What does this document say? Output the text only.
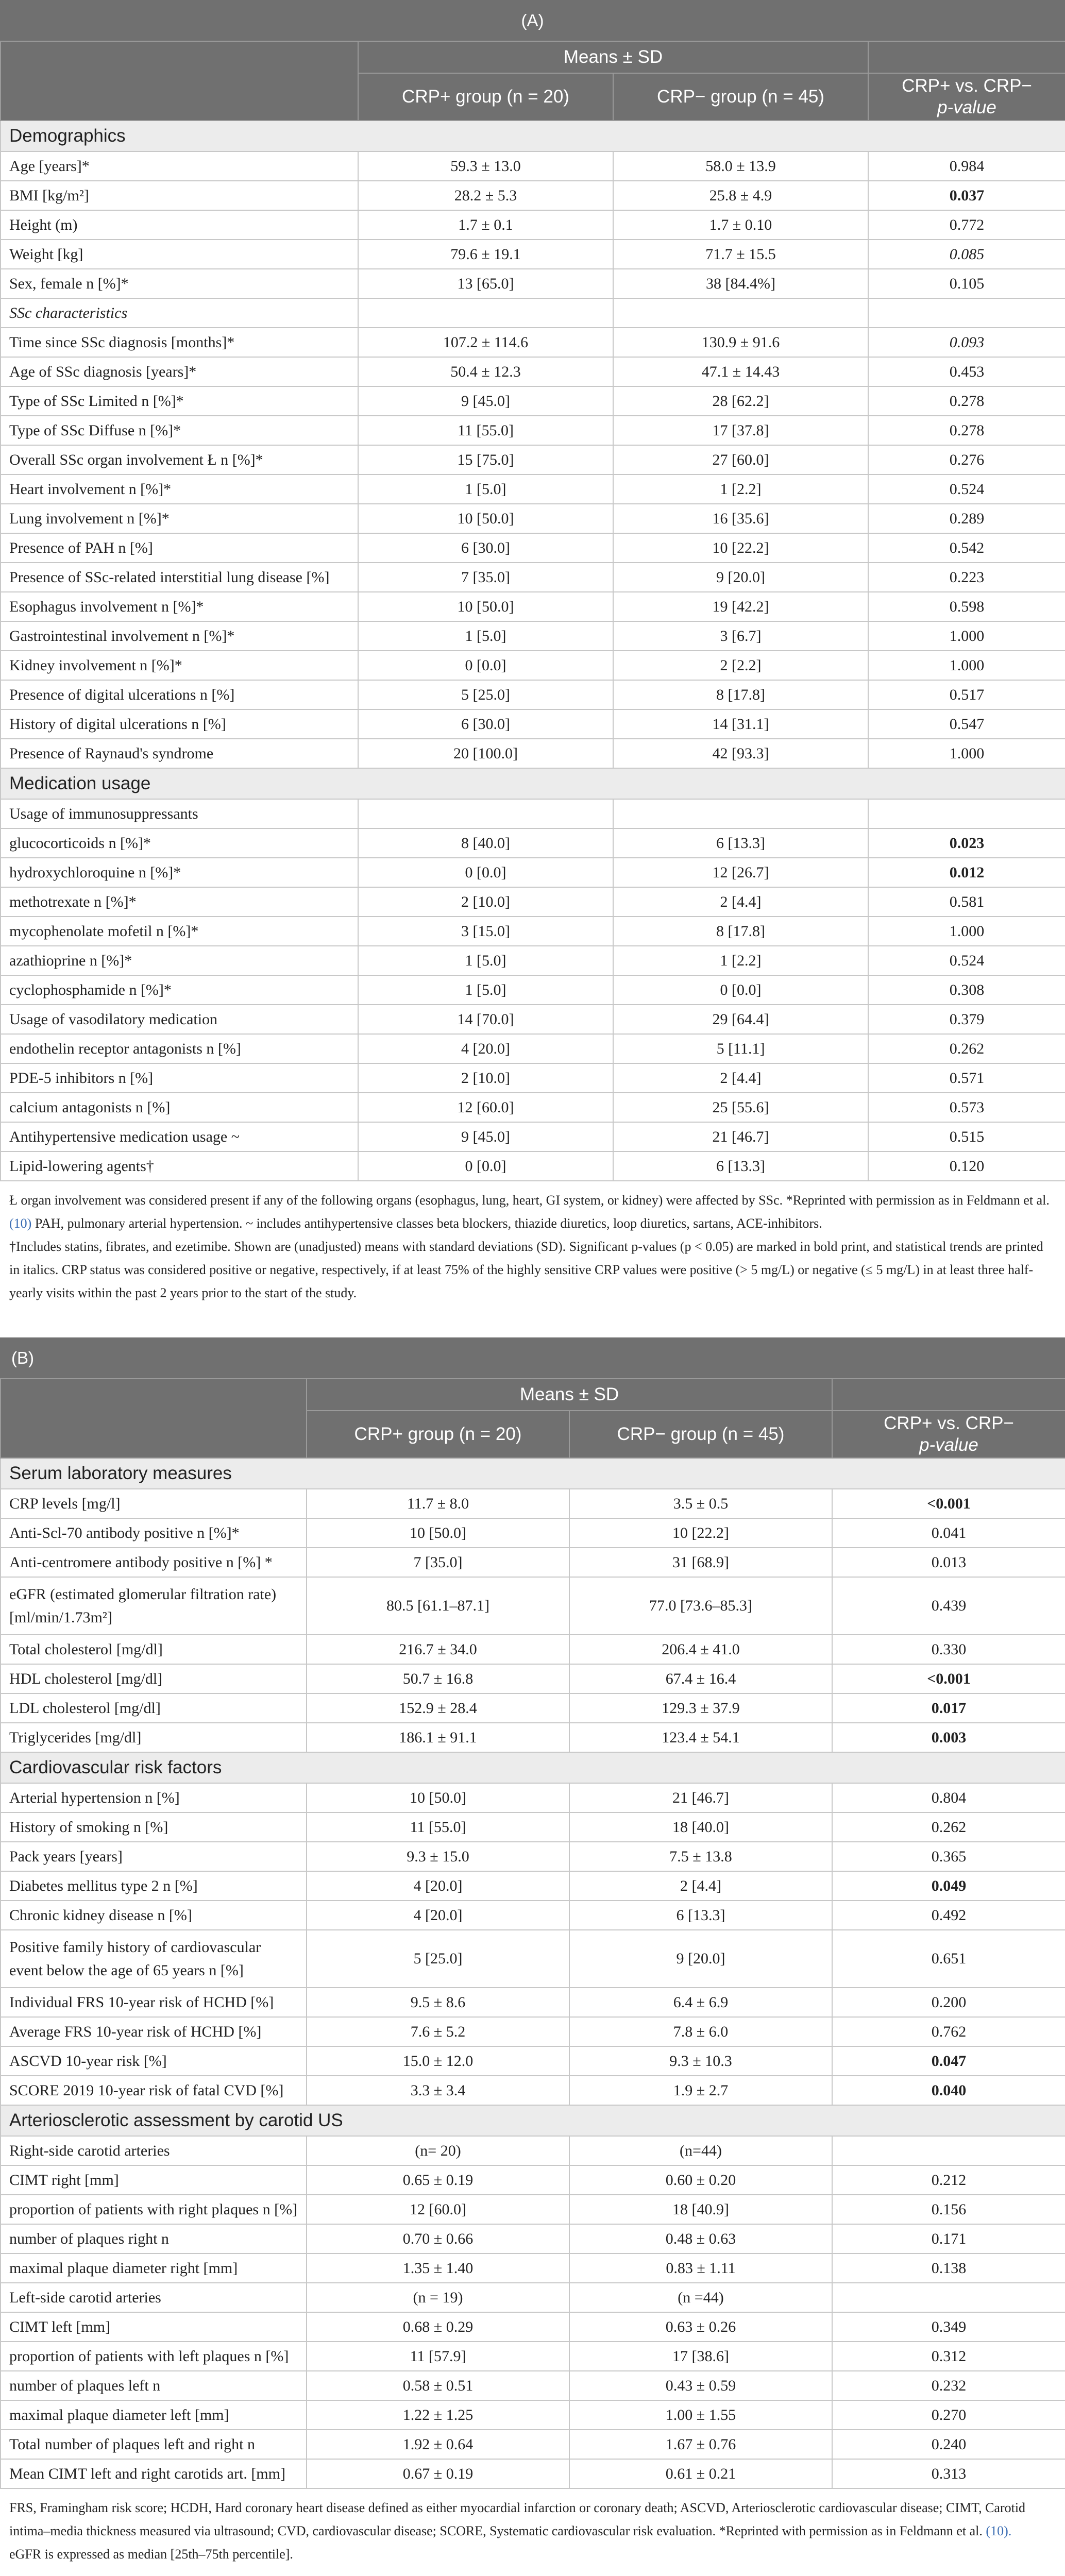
(A)
	Means ± SD		
	CRP+ group (n = 20)	CRP− group (n = 45)	CRP+ vs. CRP−
p-value
Demographics			
Age [years]*	59.3 ± 13.0	58.0 ± 13.9	0.984
BMI [kg/m²]	28.2 ± 5.3	25.8 ± 4.9	0.037
Height (m)	1.7 ± 0.1	1.7 ± 0.10	0.772
Weight [kg]	79.6 ± 19.1	71.7 ± 15.5	0.085
Sex, female n [%]*	13 [65.0]	38 [84.4%]	0.105
SSc characteristics			
Time since SSc diagnosis [months]*	107.2 ± 114.6	130.9 ± 91.6	0.093
Age of SSc diagnosis [years]*	50.4 ± 12.3	47.1 ± 14.43	0.453
Type of SSc Limited n [%]*	9 [45.0]	28 [62.2]	0.278
Type of SSc Diffuse n [%]*	11 [55.0]	17 [37.8]	0.278
Overall SSc organ involvement Ł n [%]*	15 [75.0]	27 [60.0]	0.276
Heart involvement n [%]*	1 [5.0]	1 [2.2]	0.524
Lung involvement n [%]*	10 [50.0]	16 [35.6]	0.289
Presence of PAH n [%]	6 [30.0]	10 [22.2]	0.542
Presence of SSc-related interstitial lung disease [%]	7 [35.0]	9 [20.0]	0.223
Esophagus involvement n [%]*	10 [50.0]	19 [42.2]	0.598
Gastrointestinal involvement n [%]*	1 [5.0]	3 [6.7]	1.000
Kidney involvement n [%]*	0 [0.0]	2 [2.2]	1.000
Presence of digital ulcerations n [%]	5 [25.0]	8 [17.8]	0.517
History of digital ulcerations n [%]	6 [30.0]	14 [31.1]	0.547
Presence of Raynaud's syndrome	20 [100.0]	42 [93.3]	1.000
Medication usage			
Usage of immunosuppressants			
glucocorticoids n [%]*	8 [40.0]	6 [13.3]	0.023
hydroxychloroquine n [%]*	0 [0.0]	12 [26.7]	0.012
methotrexate n [%]*	2 [10.0]	2 [4.4]	0.581
mycophenolate mofetil n [%]*	3 [15.0]	8 [17.8]	1.000
azathioprine n [%]*	1 [5.0]	1 [2.2]	0.524
cyclophosphamide n [%]*	1 [5.0]	0 [0.0]	0.308
Usage of vasodilatory medication	14 [70.0]	29 [64.4]	0.379
endothelin receptor antagonists n [%]	4 [20.0]	5 [11.1]	0.262
PDE-5 inhibitors n [%]	2 [10.0]	2 [4.4]	0.571
calcium antagonists n [%]	12 [60.0]	25 [55.6]	0.573
Antihypertensive medication usage ~	9 [45.0]	21 [46.7]	0.515
Lipid-lowering agents†	0 [0.0]	6 [13.3]	0.120
Ł organ involvement was considered present if any of the following organs (esophagus, lung, heart, GI system, or kidney) were affected by SSc. *Reprinted with permission as in Feldmann et al. (10) PAH, pulmonary arterial hypertension. ~ includes antihypertensive classes beta blockers, thiazide diuretics, loop diuretics, sartans, ACE-inhibitors.
†Includes statins, fibrates, and ezetimibe. Shown are (unadjusted) means with standard deviations (SD). Significant p-values (p < 0.05) are marked in bold print, and statistical trends are printed in italics. CRP status was considered positive or negative, respectively, if at least 75% of the highly sensitive CRP values were positive (> 5 mg/L) or negative (≤ 5 mg/L) in at least three half-yearly visits within the past 2 years prior to the start of the study.
(B)
	Means ± SD		
	CRP+ group (n = 20)	CRP− group (n = 45)	CRP+ vs. CRP−
p-value
Serum laboratory measures			
CRP levels [mg/l]	11.7 ± 8.0	3.5 ± 0.5	<0.001
Anti-Scl-70 antibody positive n [%]*	10 [50.0]	10 [22.2]	0.041
Anti-centromere antibody positive n [%] *	7 [35.0]	31 [68.9]	0.013
eGFR (estimated glomerular filtration rate) [ml/min/1.73m²]	80.5 [61.1–87.1]	77.0 [73.6–85.3]	0.439
Total cholesterol [mg/dl]	216.7 ± 34.0	206.4 ± 41.0	0.330
HDL cholesterol [mg/dl]	50.7 ± 16.8	67.4 ± 16.4	<0.001
LDL cholesterol [mg/dl]	152.9 ± 28.4	129.3 ± 37.9	0.017
Triglycerides [mg/dl]	186.1 ± 91.1	123.4 ± 54.1	0.003
Cardiovascular risk factors			
Arterial hypertension n [%]	10 [50.0]	21 [46.7]	0.804
History of smoking n [%]	11 [55.0]	18 [40.0]	0.262
Pack years [years]	9.3 ± 15.0	7.5 ± 13.8	0.365
Diabetes mellitus type 2 n [%]	4 [20.0]	2 [4.4]	0.049
Chronic kidney disease n [%]	4 [20.0]	6 [13.3]	0.492
Positive family history of cardiovascular event below the age of 65 years n [%]	5 [25.0]	9 [20.0]	0.651
Individual FRS 10-year risk of HCHD [%]	9.5 ± 8.6	6.4 ± 6.9	0.200
Average FRS 10-year risk of HCHD [%]	7.6 ± 5.2	7.8 ± 6.0	0.762
ASCVD 10-year risk [%]	15.0 ± 12.0	9.3 ± 10.3	0.047
SCORE 2019 10-year risk of fatal CVD [%]	3.3 ± 3.4	1.9 ± 2.7	0.040
Arteriosclerotic assessment by carotid US			
Right-side carotid arteries	(n= 20)	(n=44)	
CIMT right [mm]	0.65 ± 0.19	0.60 ± 0.20	0.212
proportion of patients with right plaques n [%]	12 [60.0]	18 [40.9]	0.156
number of plaques right n	0.70 ± 0.66	0.48 ± 0.63	0.171
maximal plaque diameter right [mm]	1.35 ± 1.40	0.83 ± 1.11	0.138
Left-side carotid arteries	(n = 19)	(n =44)	
CIMT left [mm]	0.68 ± 0.29	0.63 ± 0.26	0.349
proportion of patients with left plaques n [%]	11 [57.9]	17 [38.6]	0.312
number of plaques left n	0.58 ± 0.51	0.43 ± 0.59	0.232
maximal plaque diameter left [mm]	1.22 ± 1.25	1.00 ± 1.55	0.270
Total number of plaques left and right n	1.92 ± 0.64	1.67 ± 0.76	0.240
Mean CIMT left and right carotids art. [mm]	0.67 ± 0.19	0.61 ± 0.21	0.313
FRS, Framingham risk score; HCDH, Hard coronary heart disease defined as either myocardial infarction or coronary death; ASCVD, Arteriosclerotic cardiovascular disease; CIMT, Carotid intima–media thickness measured via ultrasound; CVD, cardiovascular disease; SCORE, Systematic cardiovascular risk evaluation. *Reprinted with permission as in Feldmann et al. (10).
eGFR is expressed as median [25th–75th percentile].
